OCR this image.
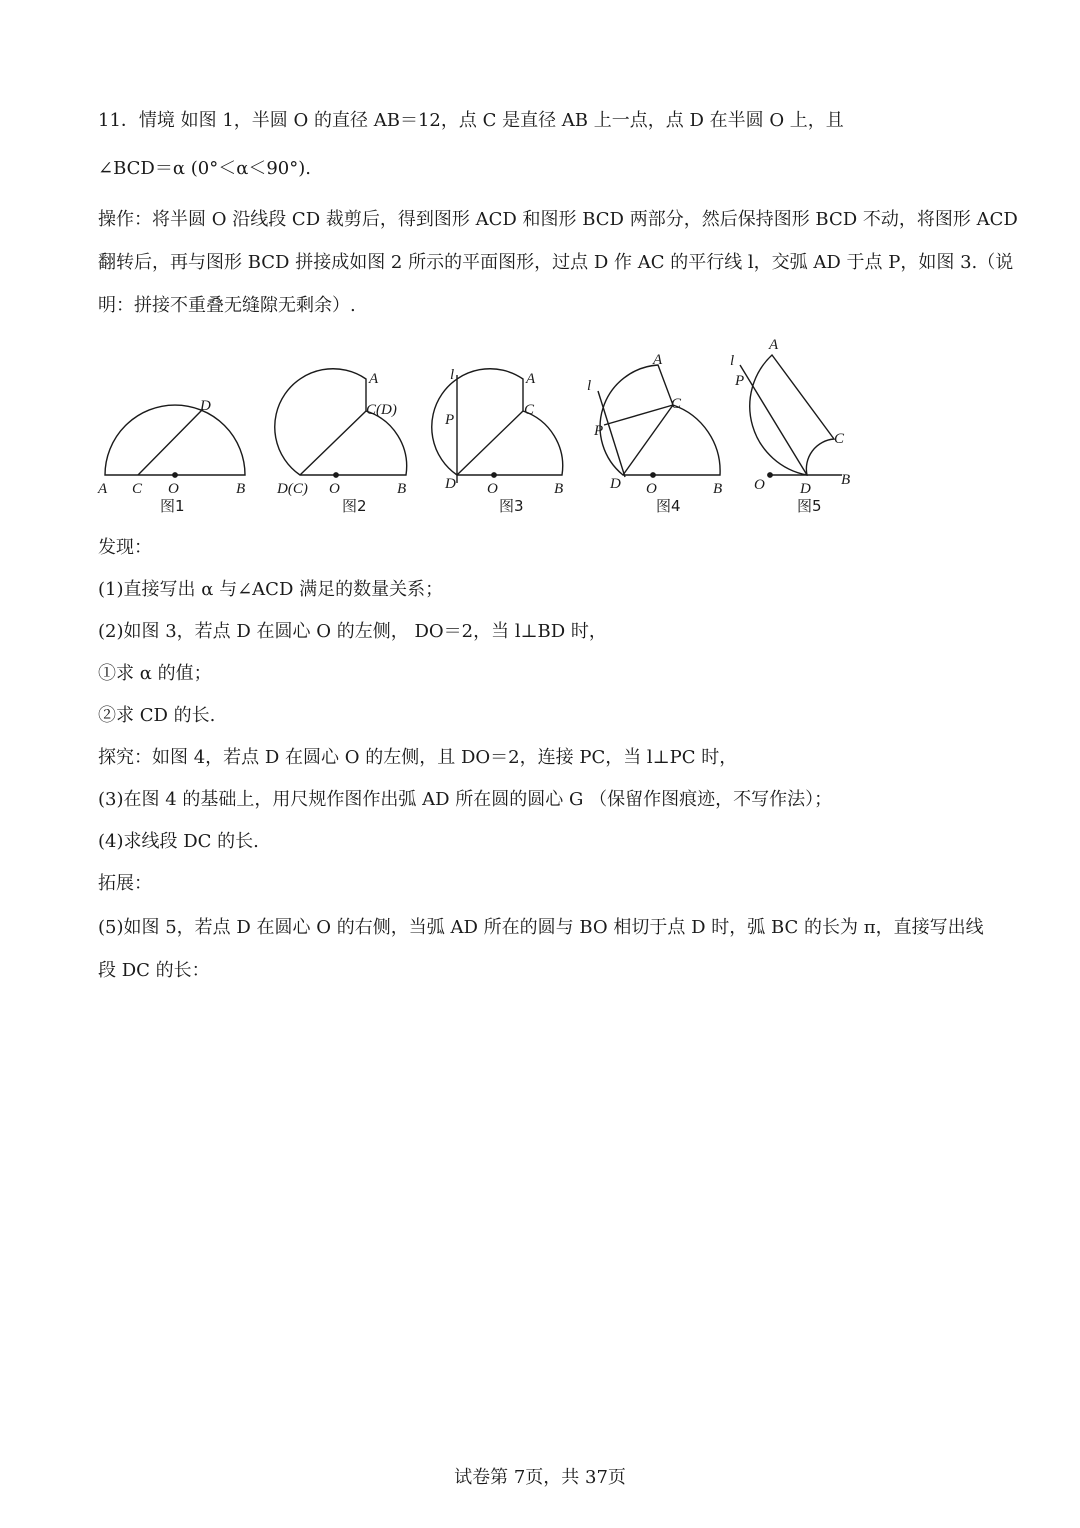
11．情境 如图 1，半圆 O 的直径 AB＝12，点 C 是直径 AB 上一点，点 D 在半圆 O 上，且
∠BCD＝α (0°＜α＜90°).
操作：将半圆 O 沿线段 CD 裁剪后，得到图形 ACD 和图形 BCD 两部分，然后保持图形 BCD 不动，将图形 ACD
翻转后，再与图形 BCD 拼接成如图 2 所示的平面图形，过点 D 作 AC 的平行线 l，交弧 AD 于点 P，如图 3.（说
明：拼接不重叠无缝隙无剩余）.
A C O	B
D
图1
A
C(D)
D(C) O	B
图2
l	A
C
P
D O	B
图3
l
A
C
P
D O	B
图4
l
A
P
C
O D
B
图5
发现：
(1)直接写出 α 与∠ACD 满足的数量关系；
(2)如图 3，若点 D 在圆心 O 的左侧， DO＝2，当 l⊥BD 时，
①求 α 的值；
②求 CD 的长.
探究：如图 4，若点 D 在圆心 O 的左侧，且 DO＝2，连接 PC，当 l⊥PC 时，
(3)在图 4 的基础上，用尺规作图作出弧 AD 所在圆的圆心 G （保留作图痕迹，不写作法）；
(4)求线段 DC 的长.
拓展：
(5)如图 5，若点 D 在圆心 O 的右侧，当弧 AD 所在的圆与 BO 相切于点 D 时，弧 BC 的长为 π，直接写出线
段 DC 的长：
试卷第 7页，共 37页
